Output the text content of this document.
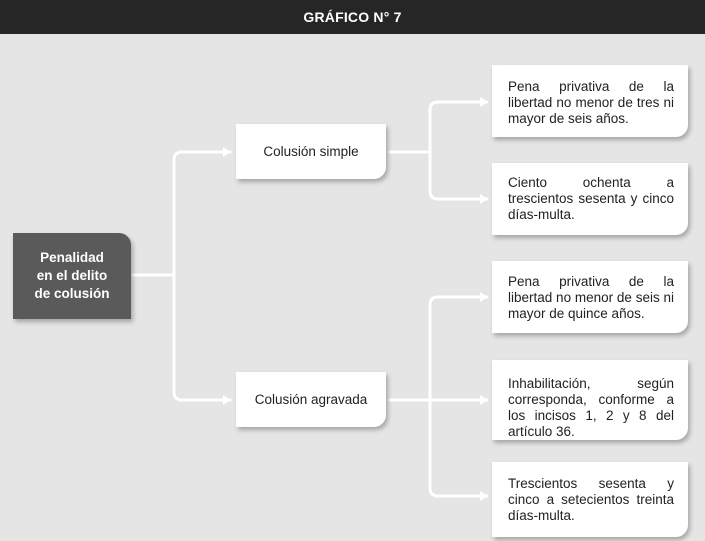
GRÁFICO N° 7
Penalidad
en el delito
de colusión
Colusión simple
Colusión agravada
Pena privativa de la libertad no menor de tres ni mayor de seis años.
Ciento ochenta a trescientos sesenta y cinco días-multa.
Pena privativa de la libertad no menor de seis ni mayor de quince años.
Inhabilitación, según corresponda, conforme a los incisos 1, 2 y 8 del artículo 36.
Trescientos sesenta y cinco a setecientos treinta días-multa.
